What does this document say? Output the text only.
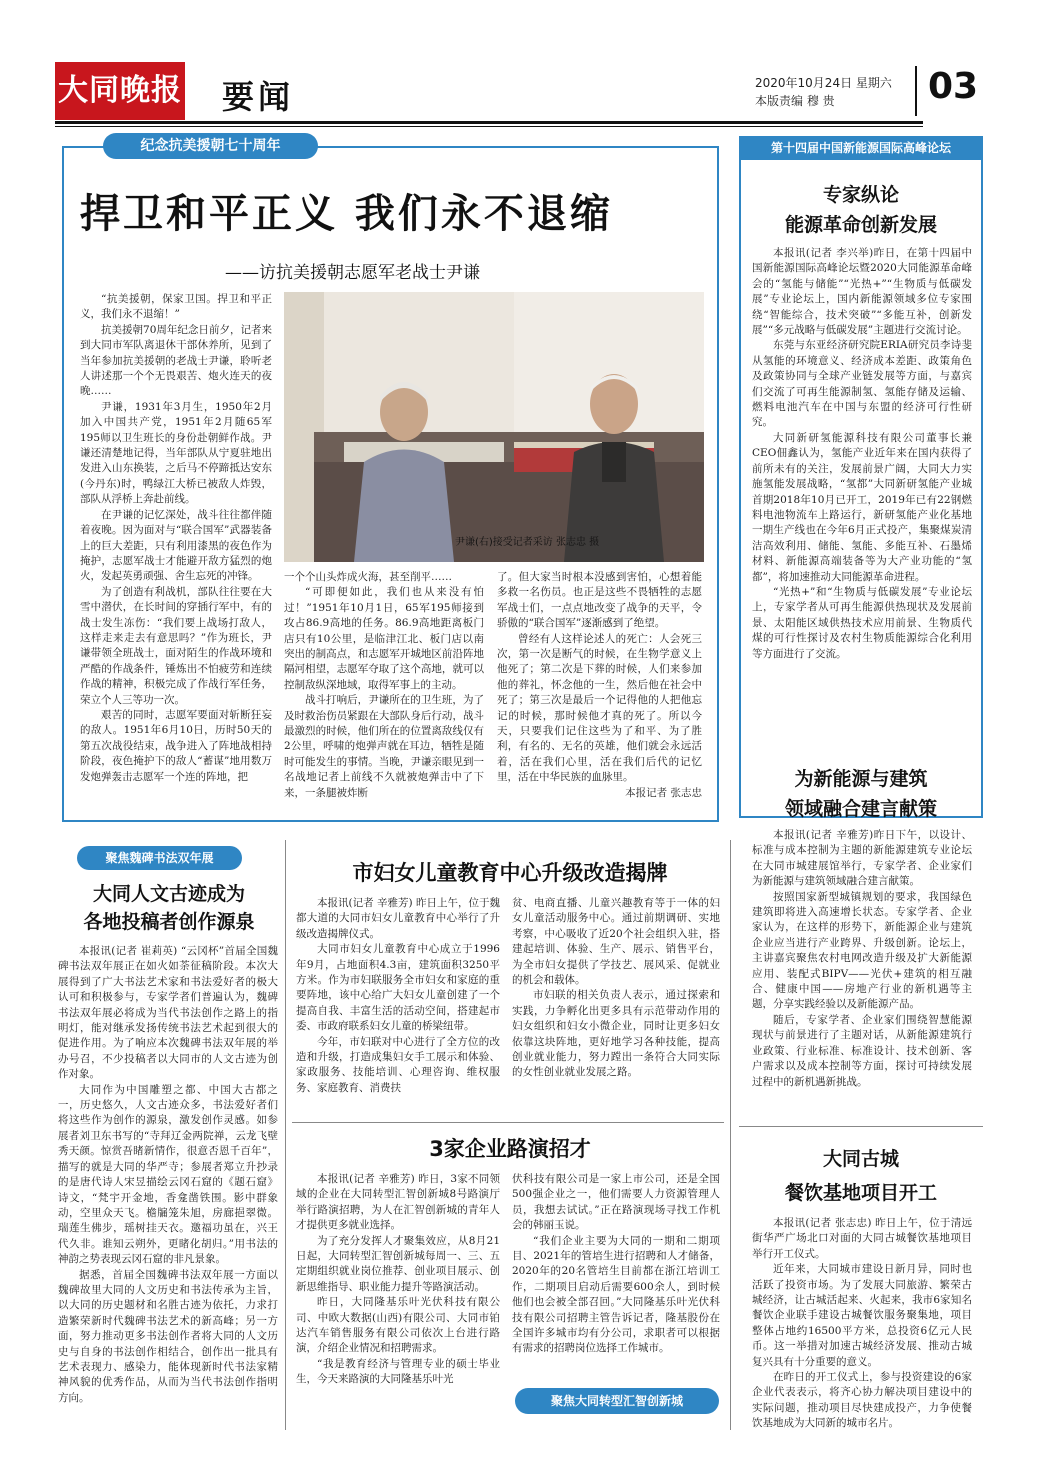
大同晚报 要闻	2020年10月24日 星期六
本版责编 穆 贵	03
纪念抗美援朝七十周年
捍卫和平正义 我们永不退缩
——访抗美援朝志愿军老战士尹谦

“抗美援朝，保家卫国。捍卫和平正义，我们永不退缩！”

抗美援朝70周年纪念日前夕，记者来到大同市军队离退休干部休养所，见到了当年参加抗美援朝的老战士尹谦，聆听老人讲述那一个个无畏艰苦、炮火连天的夜晚……

尹谦，1931年3月生，1950年2月加入中国共产党，1951年2月随65军195师以卫生班长的身份赴朝鲜作战。尹谦还清楚地记得，当年部队从宁夏驻地出发进入山东换装，之后马不停蹄抵达安东(今丹东)时，鸭绿江大桥已被敌人炸毁，部队从浮桥上奔赴前线。

在尹谦的记忆深处，战斗往往都伴随着夜晚。因为面对与“联合国军”武器装备上的巨大差距，只有利用漆黑的夜色作为掩护，志愿军战士才能避开敌方猛烈的炮火，发起英勇顽强、舍生忘死的冲锋。

为了创造有利战机，部队往往要在大雪中潜伏，在长时间的穿插行军中，有的战士发生冻伤：“我们要上战场打敌人，这样走来走去有意思吗？”作为班长，尹谦带领全班战士，面对陌生的作战环境和严酷的作战条件，锤炼出不怕疲劳和连续作战的精神，积极完成了作战行军任务，荣立个人三等功一次。

艰苦的同时，志愿军要面对斩断狂妄的敌人。1951年6月10日，历时50天的第五次战役结束，战争进入了阵地战相持阶段，夜色掩护下的敌人“蓄谋”地用数万发炮弹轰击志愿军一个连的阵地，把

尹谦(右)接受记者采访 张志忠 摄

一个个山头炸成火海，甚至削平……

“可即便如此，我们也从来没有怕过！”1951年10月1日，65军195师接到攻占86.9高地的任务。86.9高地距离板门店只有10公里，是临津江北、板门店以南突出的制高点，和志愿军开城地区前沿阵地隔河相望，志愿军夺取了这个高地，就可以控制敌纵深地域，取得军事上的主动。

战斗打响后，尹谦所在的卫生班，为了及时救治伤员紧跟在大部队身后行动，战斗最激烈的时候，他们所在的位置离敌线仅有2公里，呼啸的炮弹声就在耳边，牺牲是随时可能发生的事情。当晚，尹谦亲眼见到一名战地记者上前线不久就被炮弹击中了下来，一条腿被炸断

了。但大家当时根本没感到害怕，心想着能多救一名伤员。也正是这些不畏牺牲的志愿军战士们，一点点地改变了战争的天平，令骄傲的“联合国军”逐渐感到了绝望。

曾经有人这样论述人的死亡：人会死三次，第一次是断气的时候，在生物学意义上他死了；第二次是下葬的时候，人们来参加他的葬礼，怀念他的一生，然后他在社会中死了；第三次是最后一个记得他的人把他忘记的时候，那时候他才真的死了。所以今天，只要我们记住这些为了和平、为了胜利，有名的、无名的英雄，他们就会永远活着，活在我们心里，活在我们后代的记忆里，活在中华民族的血脉里。

本报记者 张志忠

第十四届中国新能源国际高峰论坛
专家纵论
能源革命创新发展

本报讯(记者 李兴举)昨日，在第十四届中国新能源国际高峰论坛暨2020大同能源革命峰会的“氢能与储能”“光热+”“生物质与低碳发展”专业论坛上，国内新能源领域多位专家围绕“智能综合，技术突破”“多能互补，创新发展”“多元战略与低碳发展”主题进行交流讨论。

东莞与东亚经济研究院ERIA研究员李诗斐从氢能的环境意义、经济成本差距、政策角色及政策协同与全球产业链发展等方面，与嘉宾们交流了可再生能源制氢、氢能存储及运输、燃料电池汽车在中国与东盟的经济可行性研究。

大同新研氢能源科技有限公司董事长兼CEO佃鑫认为，氢能产业近年来在国内获得了前所未有的关注，发展前景广阔，大同大力实施氢能发展战略，“氢都”大同新研氢能产业城首期2018年10月已开工，2019年已有22钢燃料电池物流车上路运行，新研氢能产业化基地一期生产线也在今年6月正式投产，集聚煤炭清洁高效利用、储能、氢能、多能互补、石墨烯材料、新能源高端装备等为大产业功能的“氢都”，将加速推动大同能源革命进程。

“光热+”和“生物质与低碳发展”专业论坛上，专家学者从可再生能源供热现状及发展前景、太阳能区域供热技术应用前景、生物质代煤的可行性探讨及农村生物质能源综合化利用等方面进行了交流。

为新能源与建筑
领域融合建言献策

本报讯(记者 辛雅芳)昨日下午，以设计、标准与成本控制为主题的新能源建筑专业论坛在大同市城建展馆举行，专家学者、企业家们为新能源与建筑领域融合建言献策。

按照国家新型城镇规划的要求，我国绿色建筑即将进入高速增长状态。专家学者、企业家认为，在这样的形势下，新能源企业与建筑企业应当进行产业跨界、升级创新。论坛上，主讲嘉宾聚焦农村电网改造升级及扩大新能源应用、装配式BIPV——光伏+建筑的相互融合、健康中国——房地产行业的新机遇等主题，分享实践经验以及新能源产品。

随后，专家学者、企业家们围绕智慧能源现状与前景进行了主题对话，从新能源建筑行业政策、行业标准、标准设计、技术创新、客户需求以及成本控制等方面，探讨可持续发展过程中的新机遇新挑战。

大同古城
餐饮基地项目开工

本报讯(记者 张志忠) 昨日上午，位于清远街华严广场北口对面的大同古城餐饮基地项目举行开工仪式。

近年来，大同城市建设日新月异，同时也活跃了投资市场。为了发展大同旅游、繁荣古城经济，让古城活起来、火起来，我市6家知名餐饮企业联手建设古城餐饮服务聚集地，项目整体占地约16500平方米，总投资6亿元人民币。这一举措对加速古城经济发展、推动古城复兴具有十分重要的意义。

在昨日的开工仪式上，参与投资建设的6家企业代表表示，将齐心协力解决项目建设中的实际问题，推动项目尽快建成投产，力争使餐饮基地成为大同新的城市名片。

聚焦魏碑书法双年展
大同人文古迹成为
各地投稿者创作源泉

本报讯(记者 崔莉英) “云冈杯”首届全国魏碑书法双年展正在如火如荼征稿阶段。本次大展得到了广大书法艺术家和书法爱好者的极大认可和积极参与，专家学者们普遍认为，魏碑书法双年展必将成为当代书法创作之路上的指明灯，能对继承发扬传统书法艺术起到很大的促进作用。为了响应本次魏碑书法双年展的举办号召，不少投稿者以大同市的人文古迹为创作对象。

大同作为中国雕塑之都、中国大古都之一，历史悠久，人文古迹众多，书法爱好者们将这些作为创作的源泉，激发创作灵感。如参展者刘卫东书写的“寺拜辽金两院禅，云龙飞壁秀天颜。惊赏吾睹新情作，很意否恩千百年”，描写的就是大同的华严寺；参展者郑立升抄录的是唐代诗人宋昱描绘云冈石窟的《题石窟》诗文，“梵宇开金地，香龛凿铁围。影中群象动，空里众天飞。檐牖笼朱旭，房廊挹翠微。瑞莲生佛步，瑶树挂天衣。邀福功虽在，兴王代久非。谁知云朔外，更睹化胡归。”用书法的神韵之势表现云冈石窟的非凡景象。

据悉，首届全国魏碑书法双年展一方面以魏碑故里大同的人文历史和书法传承为主旨，以大同的历史题材和名胜古迹为依托，力求打造繁荣新时代魏碑书法艺术的新高峰；另一方面，努力推动更多书法创作者将大同的人文历史与自身的书法创作相结合，创作出一批具有艺术表现力、感染力，能体现新时代书法家精神风貌的优秀作品，从而为当代书法创作指明方向。

市妇女儿童教育中心升级改造揭牌

本报讯(记者 辛雅芳) 昨日上午，位于魏都大道的大同市妇女儿童教育中心举行了升级改造揭牌仪式。

大同市妇女儿童教育中心成立于1996年9月，占地面积4.3亩，建筑面积3250平方米。作为市妇联服务全市妇女和家庭的重要阵地，该中心给广大妇女儿童创建了一个提高自我、丰富生活的活动空间，搭建起市委、市政府联系妇女儿童的桥梁纽带。

今年，市妇联对中心进行了全方位的改造和升级，打造成集妇女手工展示和体验、家政服务、技能培训、心理咨询、维权服务、家庭教育、消费扶

贫、电商直播、儿童兴趣教育等于一体的妇女儿童活动服务中心。通过前期调研、实地考察，中心吸收了近20个社会组织入驻，搭建起培训、体验、生产、展示、销售平台，为全市妇女提供了学技艺、展风采、促就业的机会和载体。

市妇联的相关负责人表示，通过探索和实践，力争孵化出更多具有示范带动作用的妇女组织和妇女小微企业，同时让更多妇女依靠这块阵地，更好地学习各种技能，提高创业就业能力，努力蹚出一条符合大同实际的女性创业就业发展之路。

3家企业路演招才

本报讯(记者 辛雅芳) 昨日，3家不同领域的企业在大同转型汇智创新城8号路演厅举行路演招聘，为人在汇智创新城的青年人才提供更多就业选择。

为了充分发挥人才聚集效应，从8月21日起，大同转型汇智创新城每周一、三、五定期组织就业岗位推荐、创业项目展示、创新思维指导、职业能力提升等路演活动。

昨日，大同隆基乐叶光伏科技有限公司、中欧大数据(山西)有限公司、大同市铂达汽车销售服务有限公司依次上台进行路演，介绍企业情况和招聘需求。

“我是教育经济与管理专业的硕士毕业生，今天来路演的大同隆基乐叶光

伏科技有限公司是一家上市公司，还是全国500强企业之一，他们需要人力资源管理人员，我想去试试。”正在路演现场寻找工作机会的韩丽玉说。

“我们企业主要为大同的一期和二期项目、2021年的管培生进行招聘和人才储备，2020年的20名管培生目前都在浙江培训工作，二期项目启动后需要600余人，到时候他们也会被全部召回。”大同隆基乐叶光伏科技有限公司招聘主管告诉记者，隆基股份在全国许多城市均有分公司，求职者可以根据有需求的招聘岗位选择工作城市。

聚焦大同转型汇智创新城
